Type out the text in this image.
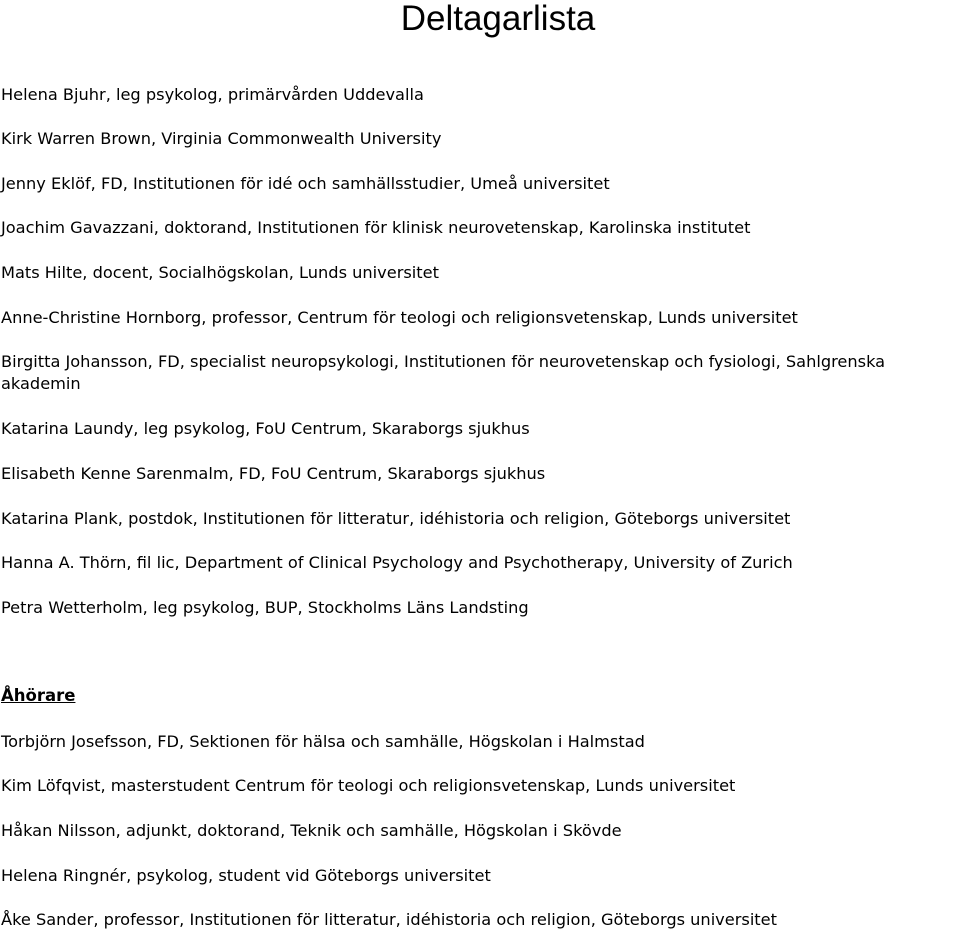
Deltagarlista

Helena Bjuhr, leg psykolog, primärvården Uddevalla

Kirk Warren Brown, Virginia Commonwealth University

Jenny Eklöf, FD, Institutionen för idé och samhällsstudier, Umeå universitet

Joachim Gavazzani, doktorand, Institutionen för klinisk neurovetenskap, Karolinska institutet

Mats Hilte, docent, Socialhögskolan, Lunds universitet

Anne-Christine Hornborg, professor, Centrum för teologi och religionsvetenskap, Lunds universitet

Birgitta Johansson, FD, specialist neuropsykologi, Institutionen för neurovetenskap och fysiologi, Sahlgrenska akademin

Katarina Laundy, leg psykolog, FoU Centrum, Skaraborgs sjukhus

Elisabeth Kenne Sarenmalm, FD, FoU Centrum, Skaraborgs sjukhus

Katarina Plank, postdok, Institutionen för litteratur, idéhistoria och religion, Göteborgs universitet

Hanna A. Thörn, fil lic, Department of Clinical Psychology and Psychotherapy, University of Zurich

Petra Wetterholm, leg psykolog, BUP, Stockholms Läns Landsting

Åhörare

Torbjörn Josefsson, FD, Sektionen för hälsa och samhälle, Högskolan i Halmstad

Kim Löfqvist, masterstudent Centrum för teologi och religionsvetenskap, Lunds universitet

Håkan Nilsson, adjunkt, doktorand, Teknik och samhälle, Högskolan i Skövde

Helena Ringnér, psykolog, student vid Göteborgs universitet

Åke Sander, professor, Institutionen för litteratur, idéhistoria och religion, Göteborgs universitet
